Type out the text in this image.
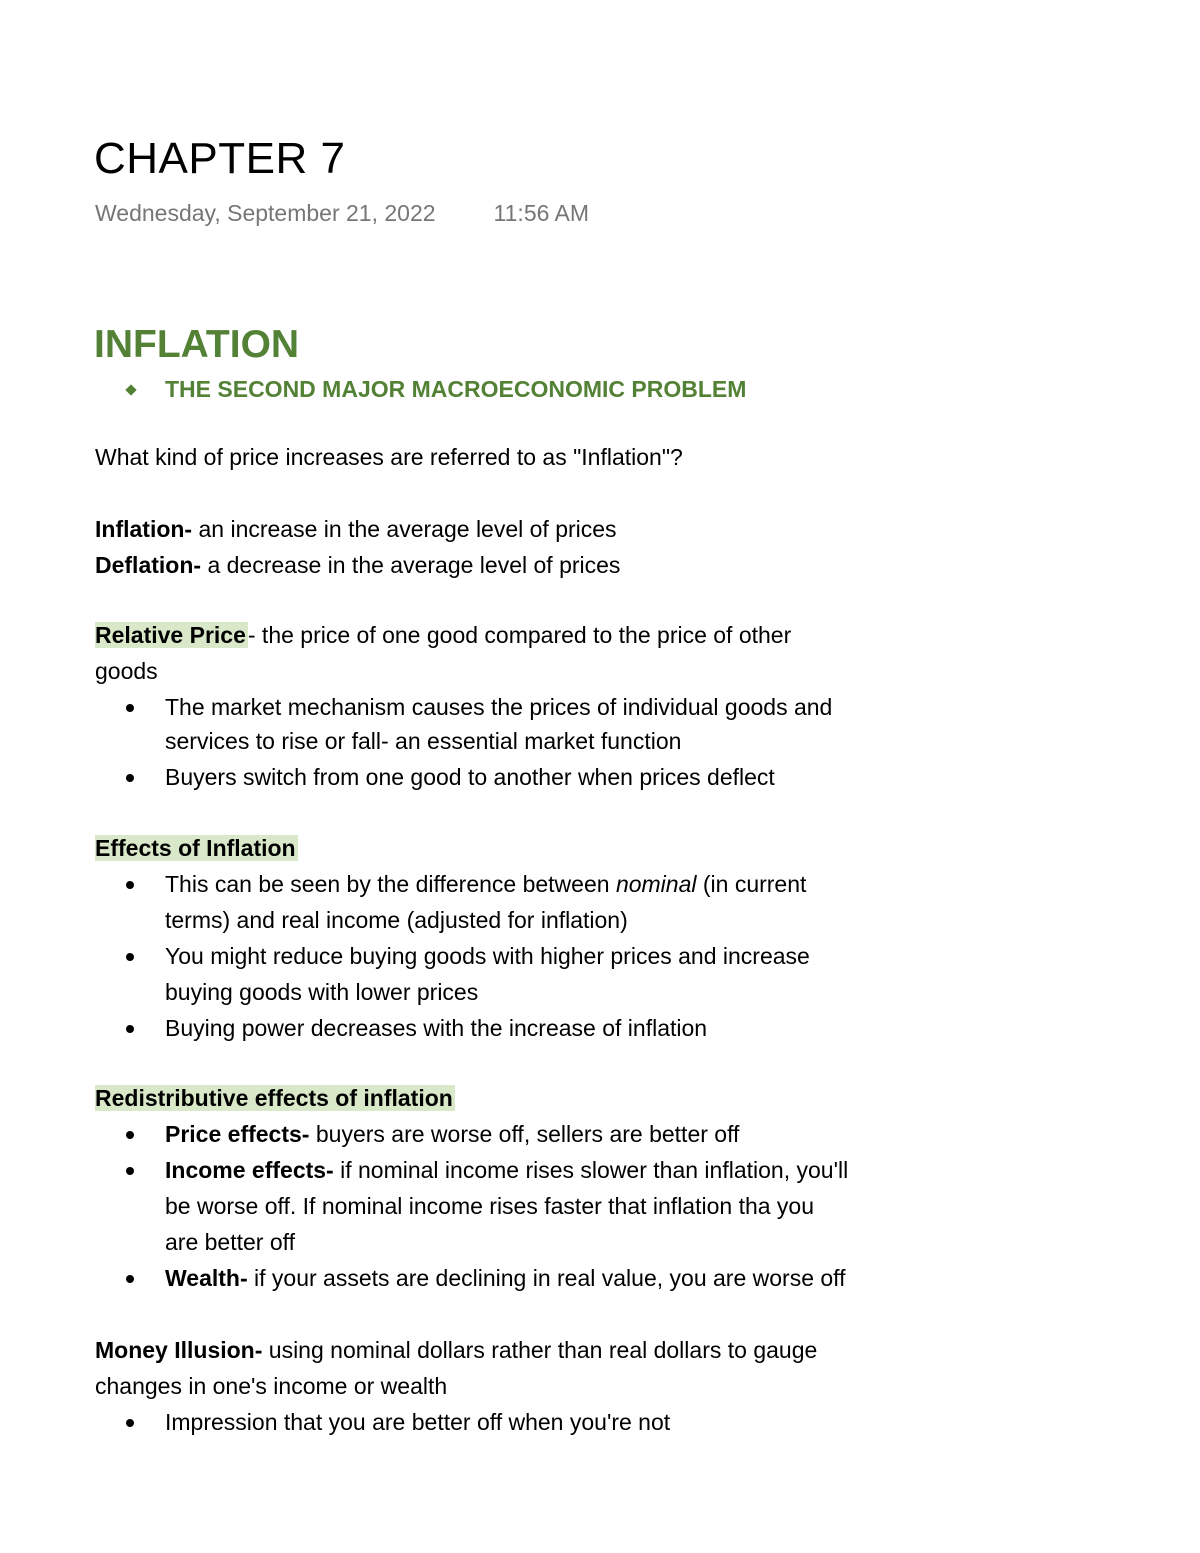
CHAPTER 7
Wednesday, September 21, 2022	11:56 AM
INFLATION
THE SECOND MAJOR MACROECONOMIC PROBLEM
What kind of price increases are referred to as "Inflation"?
Inflation- an increase in the average level of prices
Deflation- a decrease in the average level of prices
Relative Price- the price of one good compared to the price of other
goods
The market mechanism causes the prices of individual goods and
services to rise or fall- an essential market function
Buyers switch from one good to another when prices deflect
Effects of Inflation
This can be seen by the difference between nominal (in current
terms) and real income (adjusted for inflation)
You might reduce buying goods with higher prices and increase
buying goods with lower prices
Buying power decreases with the increase of inflation
Redistributive effects of inflation
Price effects- buyers are worse off, sellers are better off
Income effects- if nominal income rises slower than inflation, you'll
be worse off. If nominal income rises faster that inflation tha you
are better off
Wealth- if your assets are declining in real value, you are worse off
Money Illusion- using nominal dollars rather than real dollars to gauge
changes in one's income or wealth
Impression that you are better off when you're not
